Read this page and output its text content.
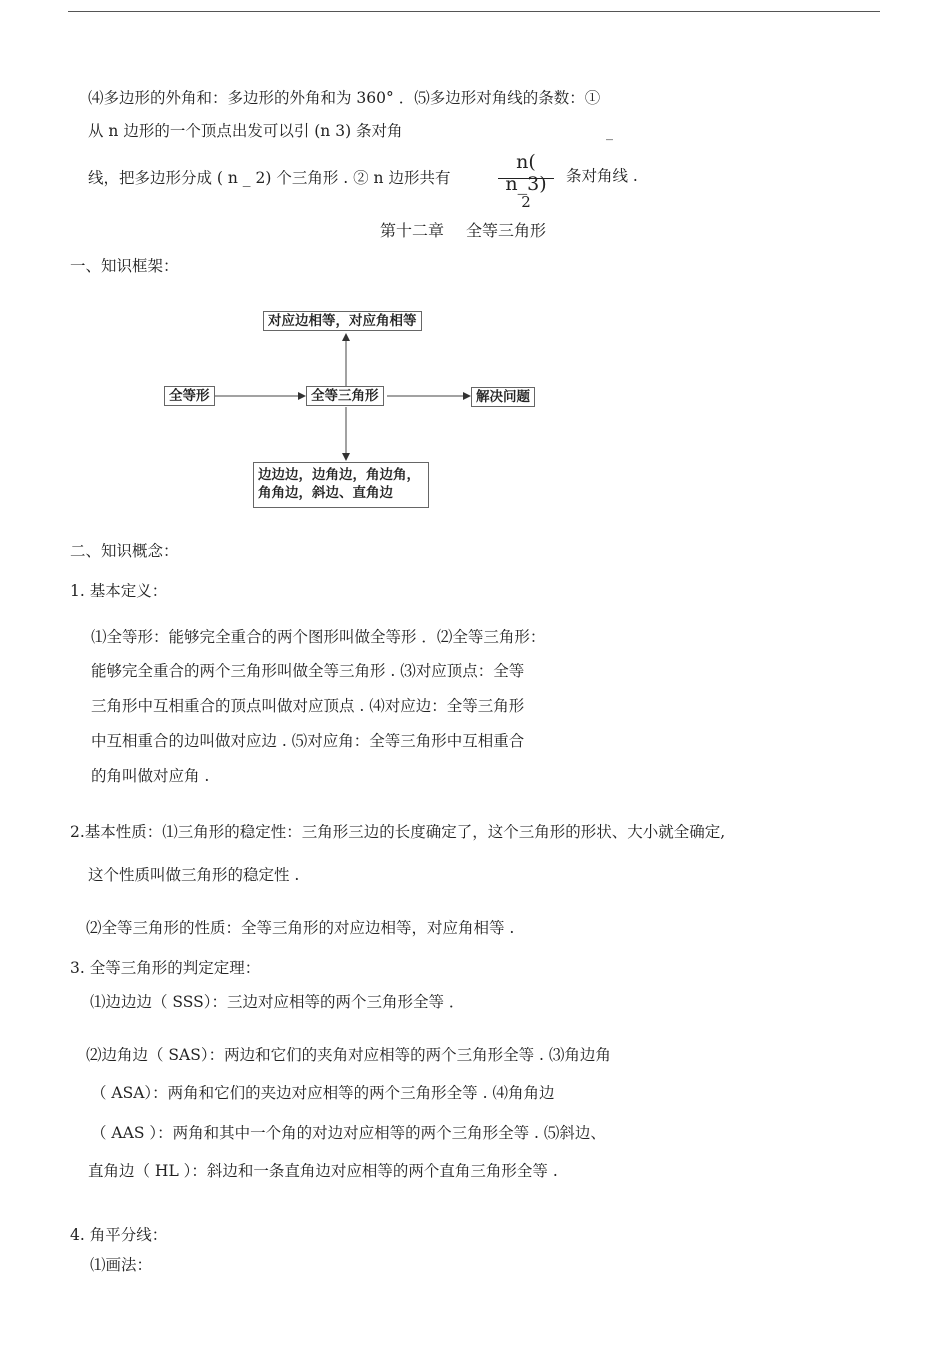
⑷多边形的外角和：多边形的外角和为 360° ．⑸多边形对角线的条数：①
从 n 边形的一个顶点出发可以引 (n 3) 条对角	_
线，把多边形分成 ( n _ 2) 个三角形 . ② n 边形共有
n( n_3)
2
条对角线 .
第十二章 全等三角形
一、知识框架：
对应边相等，对应角相等
全等形	全等三角形	解决问题
边边边，边角边，角边角，
角角边，斜边、直角边
二、知识概念：
1. 基本定义：
⑴全等形：能够完全重合的两个图形叫做全等形 ．⑵全等三角形：
能够完全重合的两个三角形叫做全等三角形 . ⑶对应顶点：全等
三角形中互相重合的顶点叫做对应顶点 . ⑷对应边：全等三角形
中互相重合的边叫做对应边 . ⑸对应角：全等三角形中互相重合
的角叫做对应角 .
2.基本性质：⑴三角形的稳定性：三角形三边的长度确定了，这个三角形的形状、大小就全确定,
这个性质叫做三角形的稳定性 .
⑵全等三角形的性质：全等三角形的对应边相等，对应角相等 .
3. 全等三角形的判定定理：
⑴边边边（ SSS）：三边对应相等的两个三角形全等 ．
⑵边角边（ SAS）：两边和它们的夹角对应相等的两个三角形全等 . ⑶角边角
（ ASA）：两角和它们的夹边对应相等的两个三角形全等 . ⑷角角边
（ AAS ）：两角和其中一个角的对边对应相等的两个三角形全等 . ⑸斜边、
直角边（ HL ）：斜边和一条直角边对应相等的两个直角三角形全等 .
4. 角平分线：
⑴画法：
